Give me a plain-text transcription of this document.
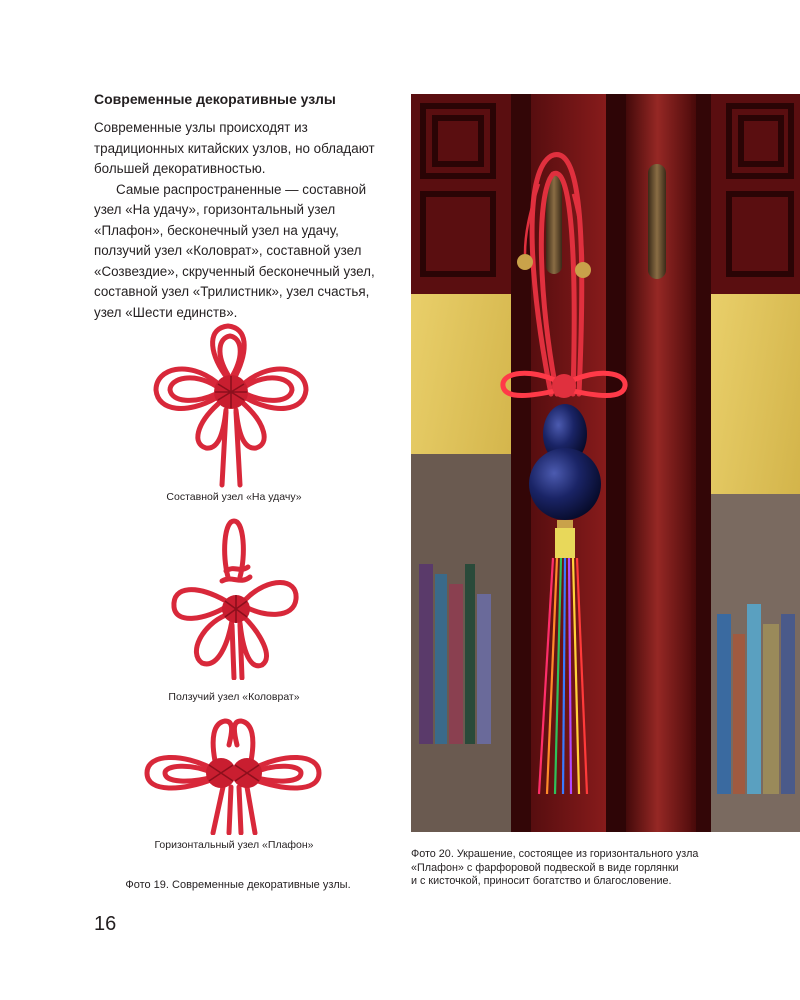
Современные декоративные узлы

Современные узлы происходят из традиционных китайских узлов, но обладают большей декоративностью.

Самые распространенные — составной узел «На удачу», горизонтальный узел «Плафон», бесконечный узел на удачу, ползучий узел «Коловрат», составной узел «Созвездие», скрученный бесконечный узел, составной узел «Трилистник», узел счастья, узел «Шести единств».

Составной узел «На удачу»
Ползучий узел «Коловрат»
Горизонтальный узел «Плафон»
Фото 19. Современные декоративные узлы.
Фото 20. Украшение, состоящее из горизонтального узла
«Плафон» с фарфоровой подвеской в виде горлянки
и с кисточкой, приносит богатство и благословение.
16
